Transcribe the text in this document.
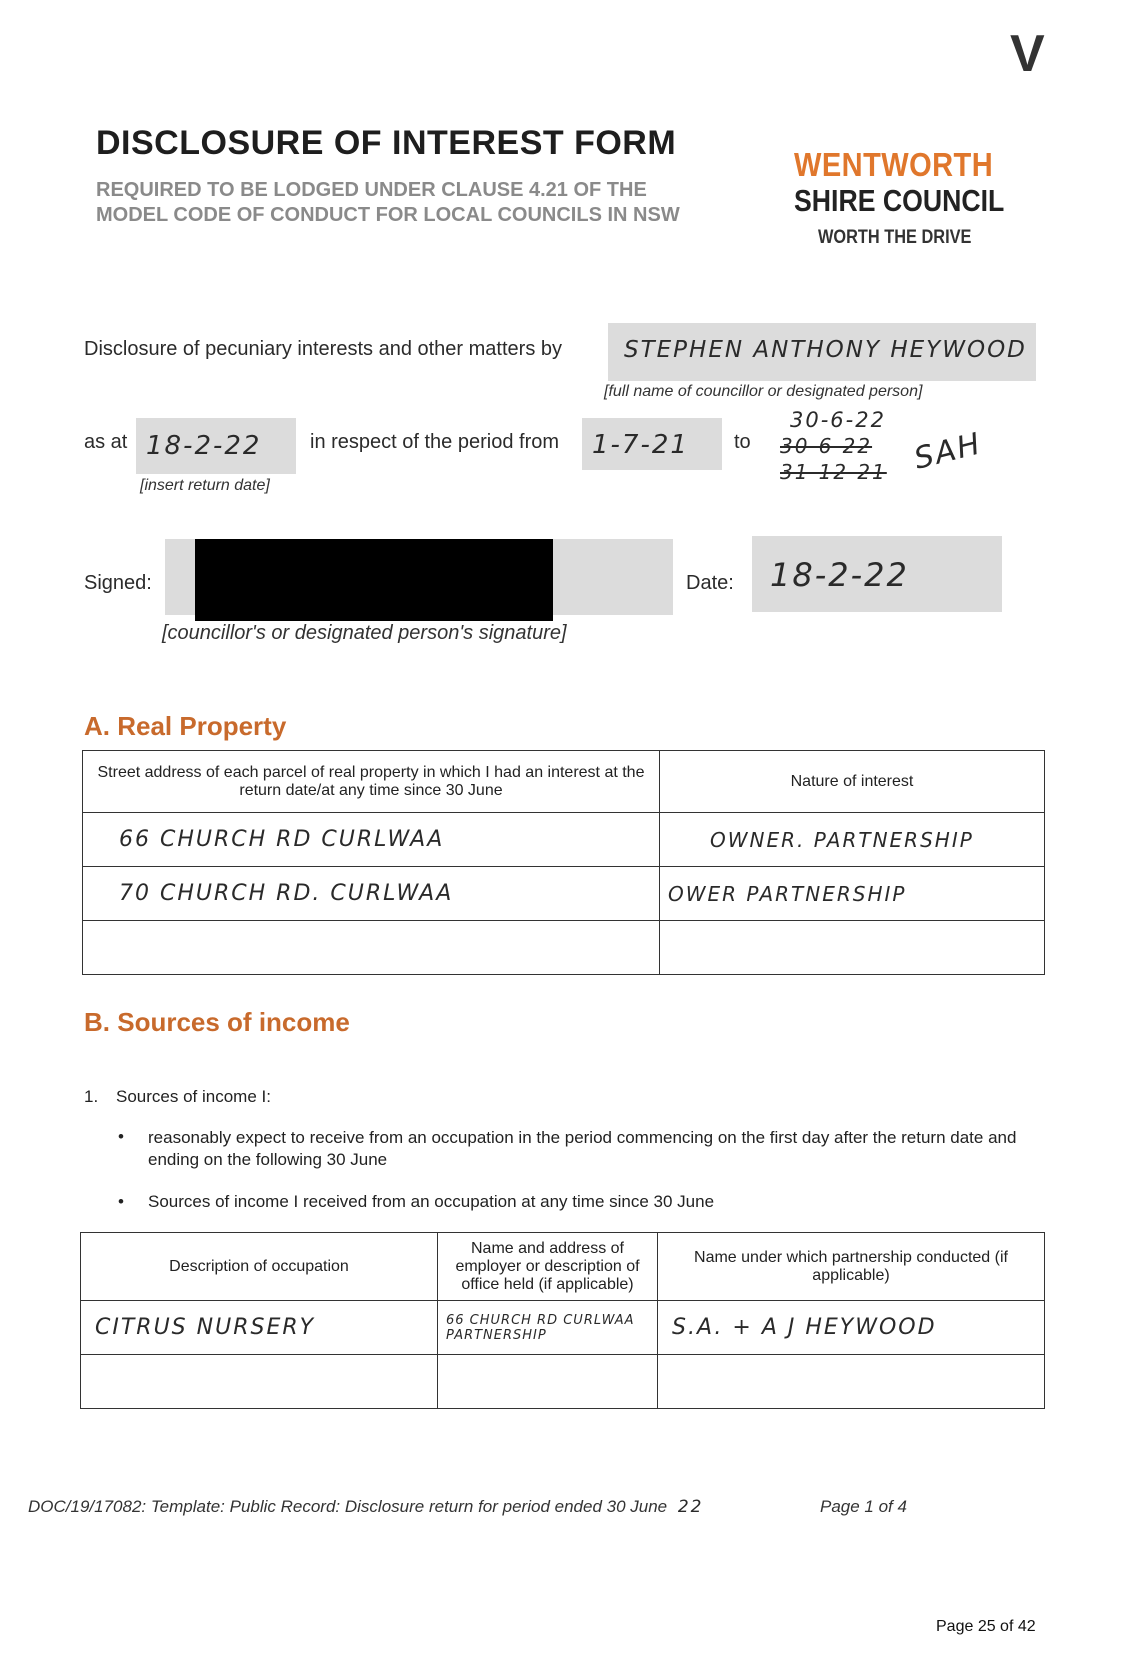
V
DISCLOSURE OF INTEREST FORM
REQUIRED TO BE LODGED UNDER CLAUSE 4.21 OF THE MODEL CODE OF CONDUCT FOR LOCAL COUNCILS IN NSW
WENTWORTH
SHIRE COUNCIL
WORTH THE DRIVE
Disclosure of pecuniary interests and other matters by	STEPHEN ANTHONY HEYWOOD
[full name of councillor or designated person]
as at 18-2-22
[insert return date]
in respect of the period from 1-7-21 to
30-6-22
30-6-22
31-12-21 SAH
Signed:
[councillor's or designated person's signature]
Date: 18-2-22
A. Real Property
Street address of each parcel of real property in which I had an interest at the return date/at any time since 30 June	Nature of interest
66 CHURCH RD CURLWAA	OWNER. PARTNERSHIP
70 CHURCH RD. CURLWAA	OWER PARTNERSHIP

B. Sources of income
1. Sources of income I:
• reasonably expect to receive from an occupation in the period commencing on the first day after the return date and ending on the following 30 June
• Sources of income I received from an occupation at any time since 30 June
Description of occupation	Name and address of employer or description of office held (if applicable)	Name under which partnership conducted (if applicable)
CITRUS NURSERY	66 CHURCH RD CURLWAA PARTNERSHIP	S.A. + A J HEYWOOD

DOC/19/17082: Template: Public Record: Disclosure return for period ended 30 June 22	Page 1 of 4
Page 25 of 42
